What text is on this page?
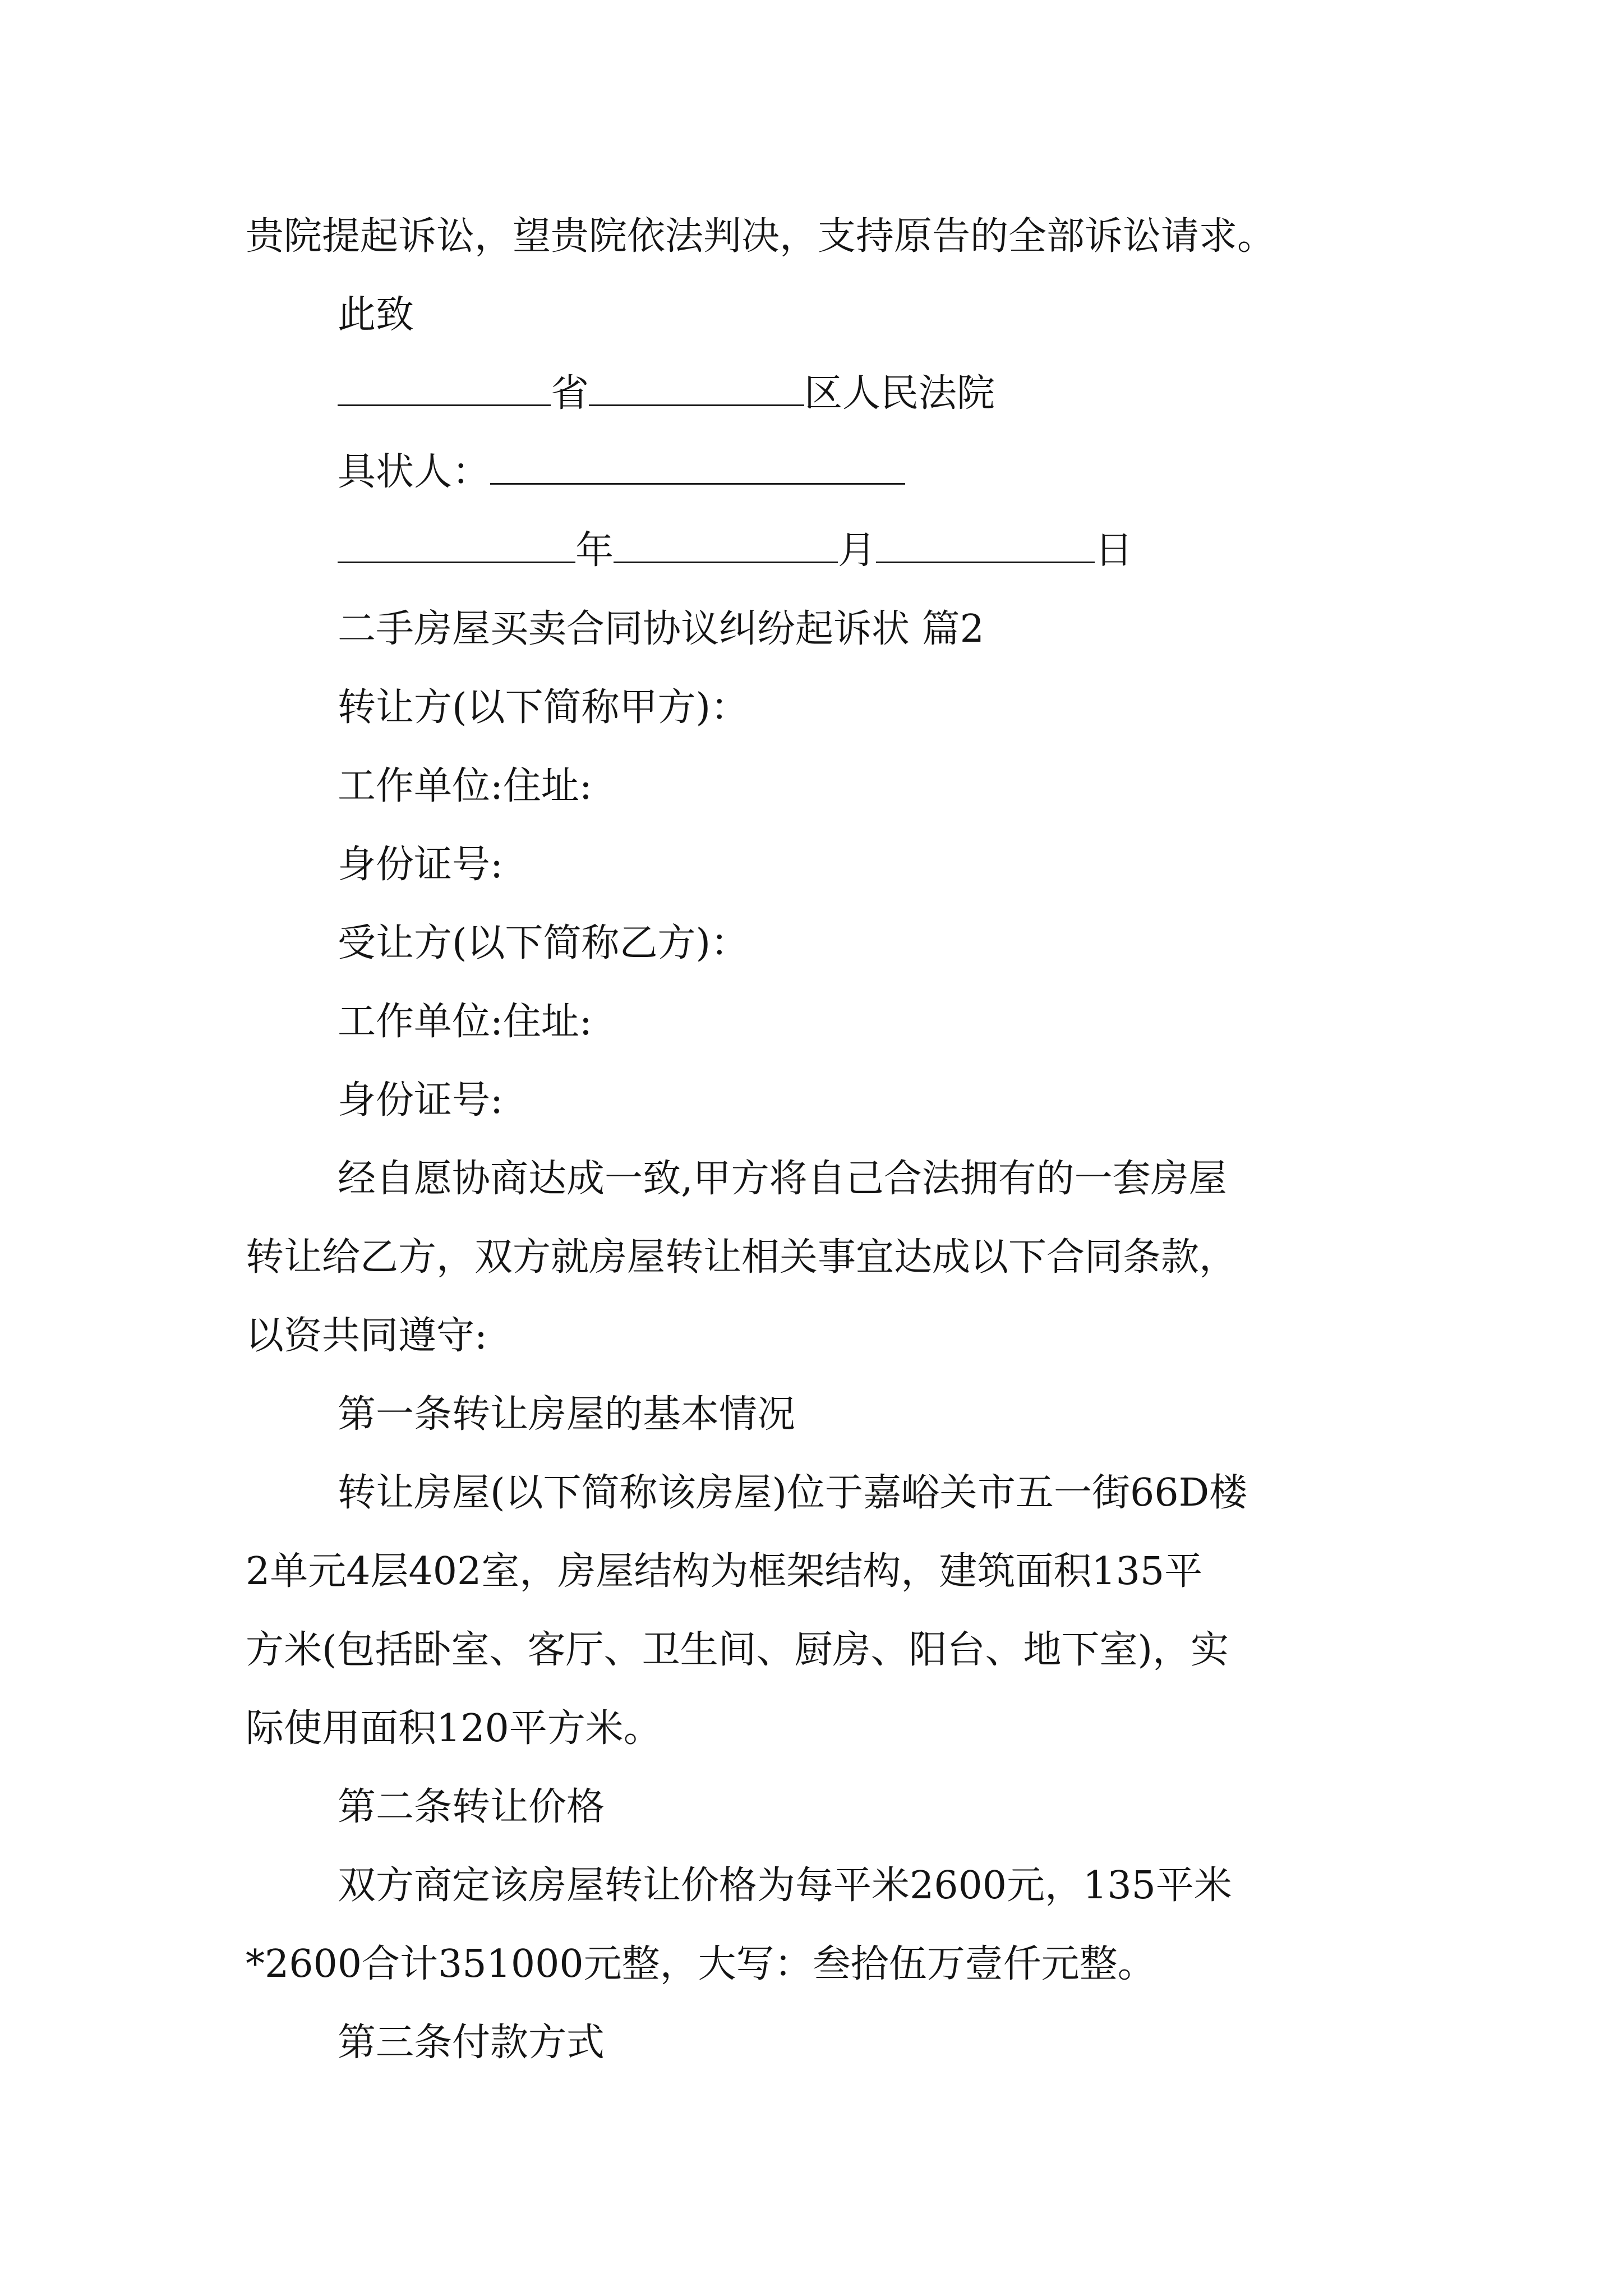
贵院提起诉讼，望贵院依法判决，支持原告的全部诉讼请求。
此致
省	区人民法院
具状人：
年	月	日
二手房屋买卖合同协议纠纷起诉状 篇2
转让方(以下简称甲方)：
工作单位:住址:
身份证号:
受让方(以下简称乙方)：
工作单位:住址:
身份证号:
经自愿协商达成一致,甲方将自己合法拥有的一套房屋
转让给乙方，双方就房屋转让相关事宜达成以下合同条款，
以资共同遵守:
第一条转让房屋的基本情况
转让房屋(以下简称该房屋)位于嘉峪关市五一街66D楼
2单元4层402室，房屋结构为框架结构，建筑面积135平
方米(包括卧室、客厅、卫生间、厨房、阳台、地下室)，实
际使用面积120平方米。
第二条转让价格
双方商定该房屋转让价格为每平米2600元，135平米
*2600合计351000元整，大写：叁拾伍万壹仟元整。
第三条付款方式
